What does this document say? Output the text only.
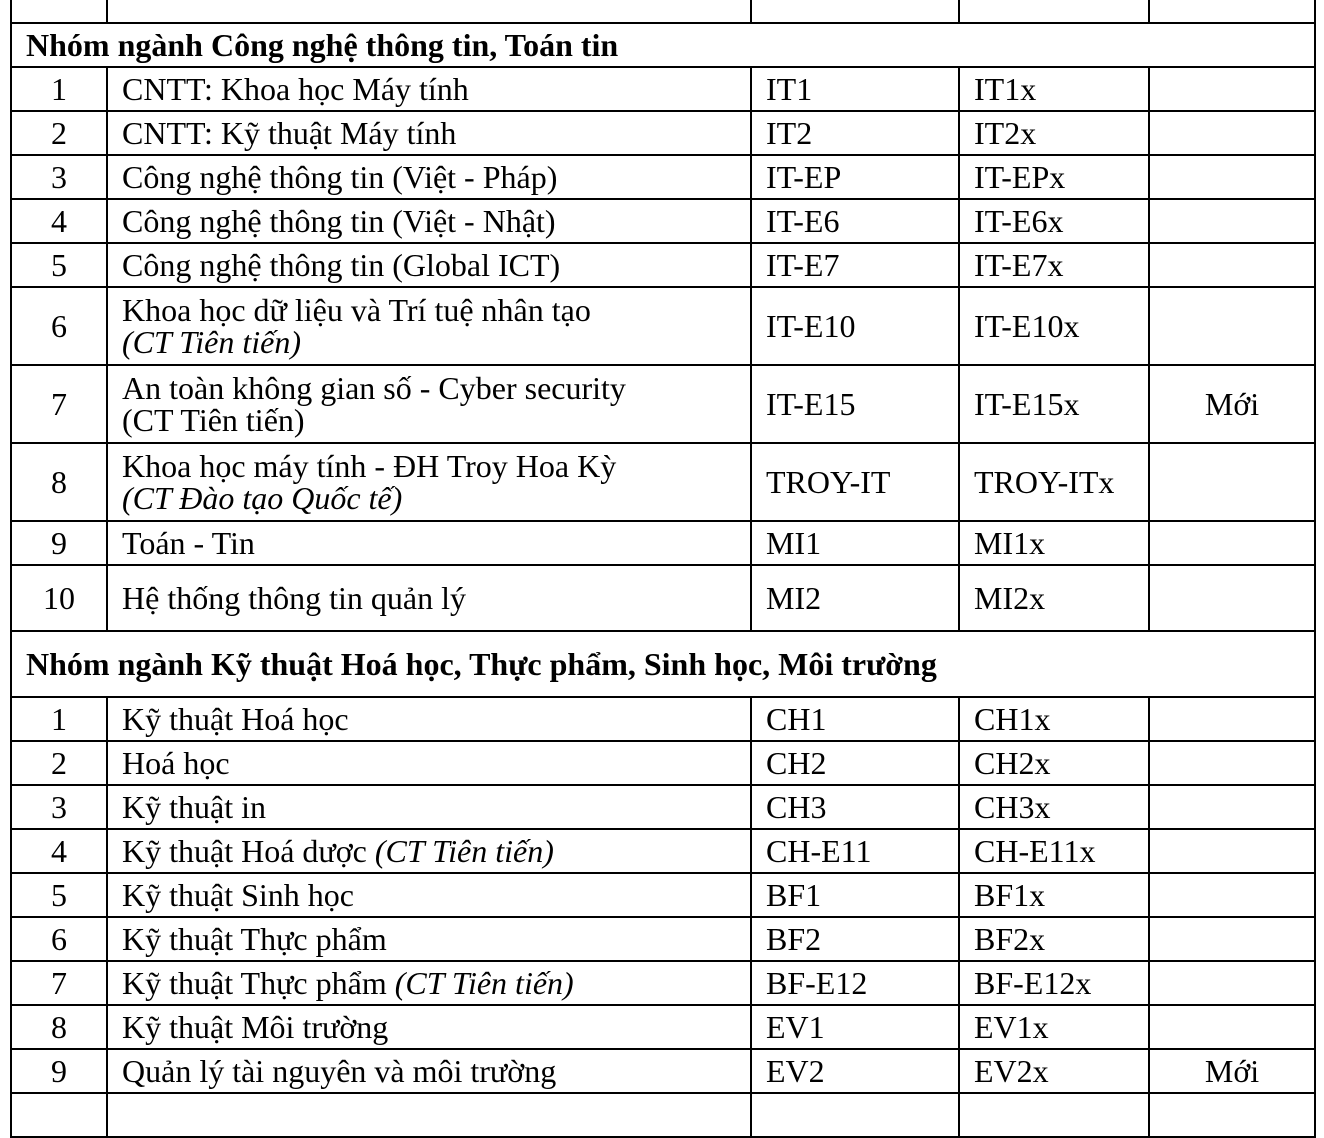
Nhóm ngành Công nghệ thông tin, Toán tin				
1	CNTT: Khoa học Máy tính	IT1	IT1x	
2	CNTT: Kỹ thuật Máy tính	IT2	IT2x	
3	Công nghệ thông tin (Việt - Pháp)	IT-EP	IT-EPx	
4	Công nghệ thông tin (Việt - Nhật)	IT-E6	IT-E6x	
5	Công nghệ thông tin (Global ICT)	IT-E7	IT-E7x	
6	Khoa học dữ liệu và Trí tuệ nhân tạo
(CT Tiên tiến)	IT-E10	IT-E10x	
7	An toàn không gian số - Cyber security
(CT Tiên tiến)	IT-E15	IT-E15x	Mới
8	Khoa học máy tính - ĐH Troy Hoa Kỳ
(CT Đào tạo Quốc tế)	TROY-IT	TROY-ITx	
9	Toán - Tin	MI1	MI1x	
10	Hệ thống thông tin quản lý	MI2	MI2x	
Nhóm ngành Kỹ thuật Hoá học, Thực phẩm, Sinh học, Môi trường				
1	Kỹ thuật Hoá học	CH1	CH1x	
2	Hoá học	CH2	CH2x	
3	Kỹ thuật in	CH3	CH3x	
4	Kỹ thuật Hoá dược (CT Tiên tiến)	CH-E11	CH-E11x	
5	Kỹ thuật Sinh học	BF1	BF1x	
6	Kỹ thuật Thực phẩm	BF2	BF2x	
7	Kỹ thuật Thực phẩm (CT Tiên tiến)	BF-E12	BF-E12x	
8	Kỹ thuật Môi trường	EV1	EV1x	
9	Quản lý tài nguyên và môi trường	EV2	EV2x	Mới
